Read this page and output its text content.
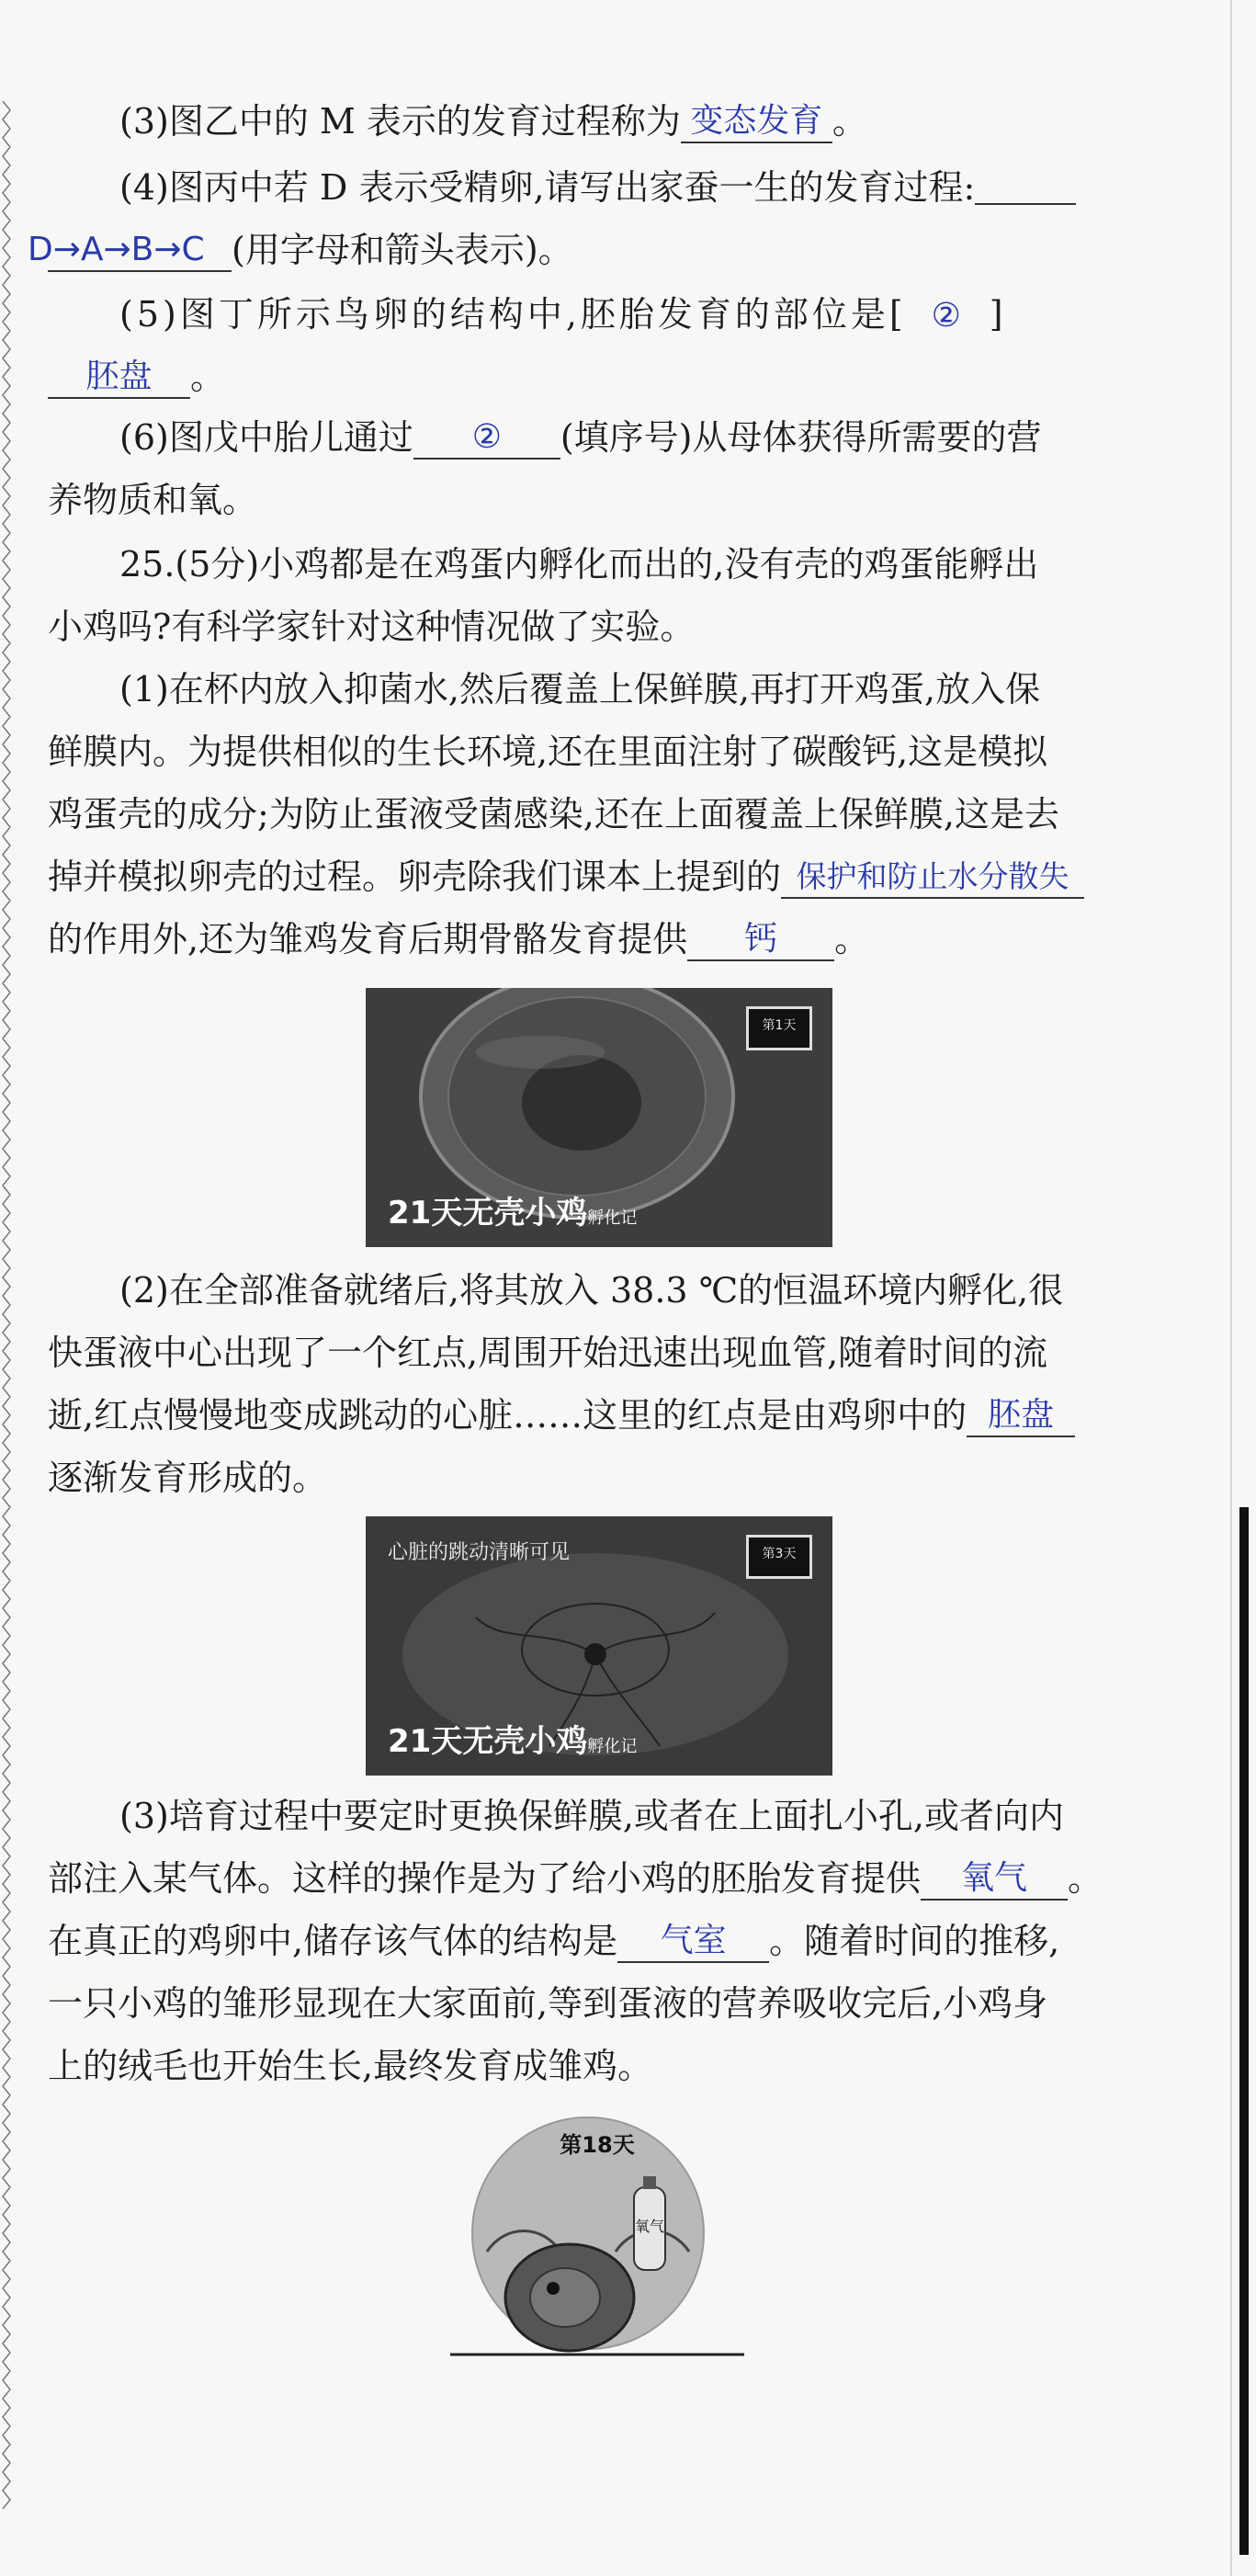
(3)图乙中的 M 表示的发育过程称为 变态发育 。
(4)图丙中若 D 表示受精卵,请写出家蚕一生的发育过程:
D→A→B→C (用字母和箭头表示)。
(5)图丁所示鸟卵的结构中,胚胎发育的部位是[ ② ]
胚盘 。
(6)图戊中胎儿通过 ② (填序号)从母体获得所需要的营
养物质和氧。
25.(5分)小鸡都是在鸡蛋内孵化而出的,没有壳的鸡蛋能孵出
小鸡吗?有科学家针对这种情况做了实验。
(1)在杯内放入抑菌水,然后覆盖上保鲜膜,再打开鸡蛋,放入保
鲜膜内。为提供相似的生长环境,还在里面注射了碳酸钙,这是模拟
鸡蛋壳的成分;为防止蛋液受菌感染,还在上面覆盖上保鲜膜,这是去
掉并模拟卵壳的过程。卵壳除我们课本上提到的 保护和防止水分散失
的作用外,还为雏鸡发育后期骨骼发育提供 钙 。
第1天
21天无壳小鸡孵化记
(2)在全部准备就绪后,将其放入 38.3 ℃的恒温环境内孵化,很
快蛋液中心出现了一个红点,周围开始迅速出现血管,随着时间的流
逝,红点慢慢地变成跳动的心脏……这里的红点是由鸡卵中的 胚盘
逐渐发育形成的。
心脏的跳动清晰可见	第3天
21天无壳小鸡孵化记
(3)培育过程中要定时更换保鲜膜,或者在上面扎小孔,或者向内
部注入某气体。这样的操作是为了给小鸡的胚胎发育提供 氧气 。
在真正的鸡卵中,储存该气体的结构是 气室 。随着时间的推移,
一只小鸡的雏形显现在大家面前,等到蛋液的营养吸收完后,小鸡身
上的绒毛也开始生长,最终发育成雏鸡。
氧气
第18天
